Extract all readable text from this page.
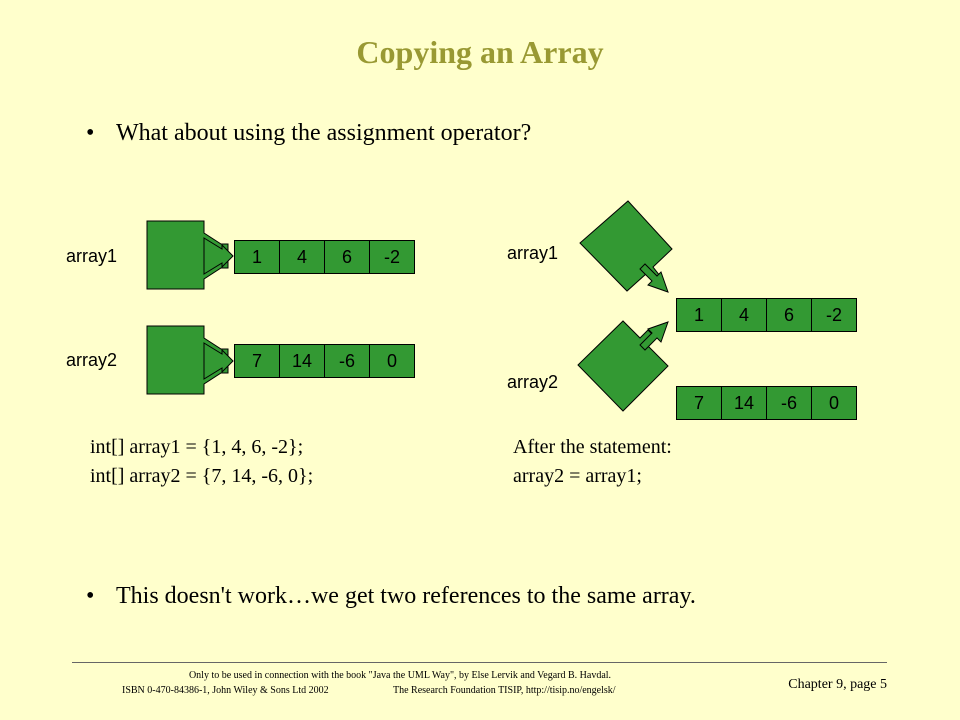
Copying an Array
• What about using the assignment operator?
array1
array2
1	4	6	-2
7	14	-6	0
array1
array2
1	4	6	-2
7	14	-6	0
int[] array1 = {1, 4, 6, -2};
int[] array2 = {7, 14, -6, 0};
After the statement:
array2 = array1;
• This doesn't work…we get two references to the same array.
Only to be used in connection with the book "Java the UML Way", by Else Lervik and Vegard B. Havdal.
ISBN 0-470-84386-1, John Wiley & Sons Ltd 2002	The Research Foundation TISIP, http://tisip.no/engelsk/	Chapter 9, page 5
